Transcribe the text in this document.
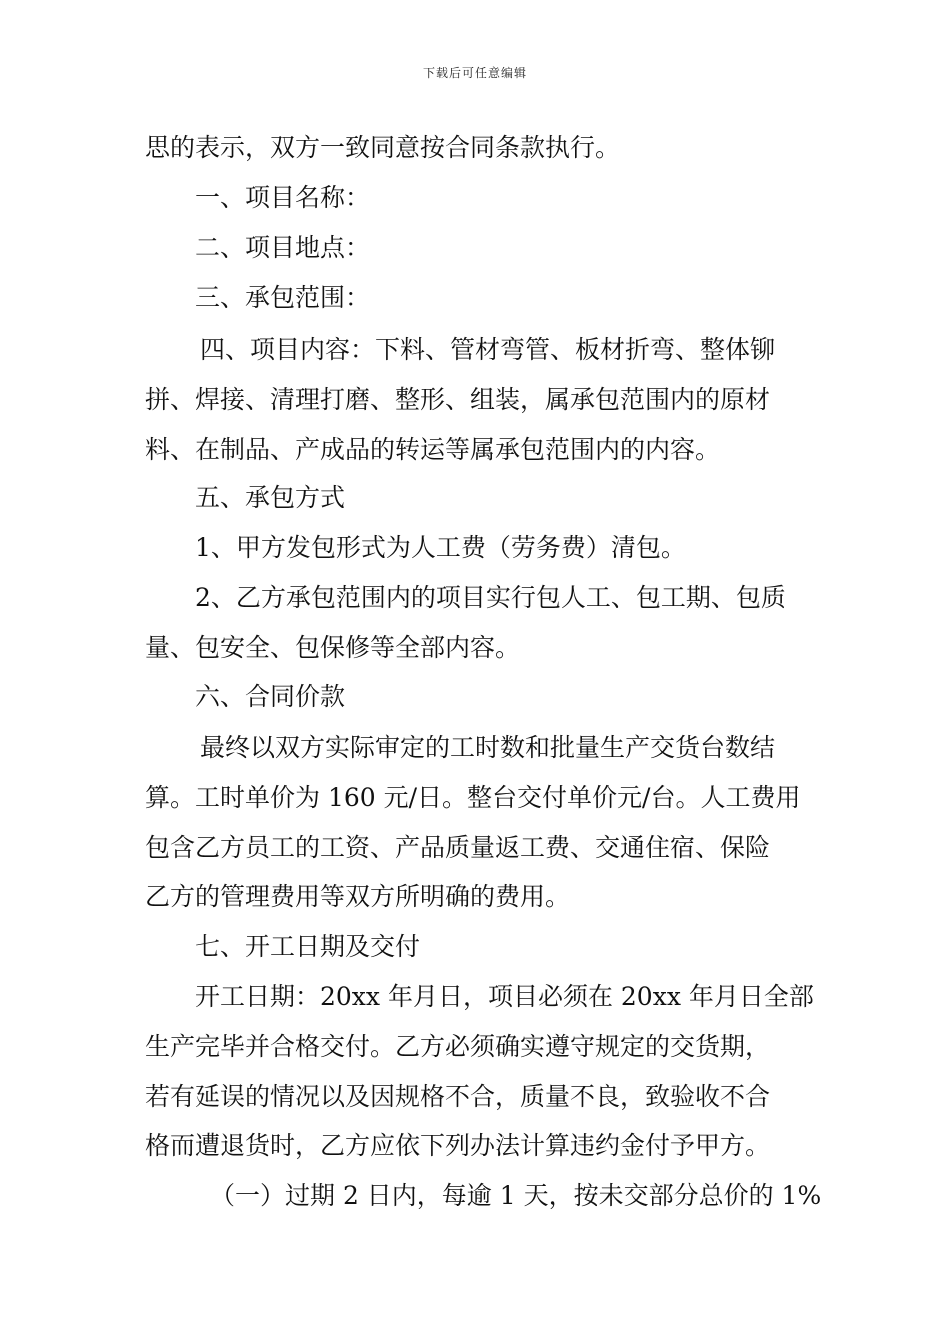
下载后可任意编辑
思的表示，双方一致同意按合同条款执行。
一、项目名称：
二、项目地点：
三、承包范围：
四、项目内容：下料、管材弯管、板材折弯、整体铆
拼、焊接、清理打磨、整形、组装，属承包范围内的原材
料、在制品、产成品的转运等属承包范围内的内容。
五、承包方式
1、甲方发包形式为人工费（劳务费）清包。
2、乙方承包范围内的项目实行包人工、包工期、包质
量、包安全、包保修等全部内容。
六、合同价款
最终以双方实际审定的工时数和批量生产交货台数结
算。工时单价为 160 元/日。整台交付单价元/台。人工费用
包含乙方员工的工资、产品质量返工费、交通住宿、保险
乙方的管理费用等双方所明确的费用。
七、开工日期及交付
开工日期：20xx 年月日，项目必须在 20xx 年月日全部
生产完毕并合格交付。乙方必须确实遵守规定的交货期，
若有延误的情况以及因规格不合，质量不良，致验收不合
格而遭退货时，乙方应依下列办法计算违约金付予甲方。
（一）过期 2 日内，每逾 1 天，按未交部分总价的 1%
